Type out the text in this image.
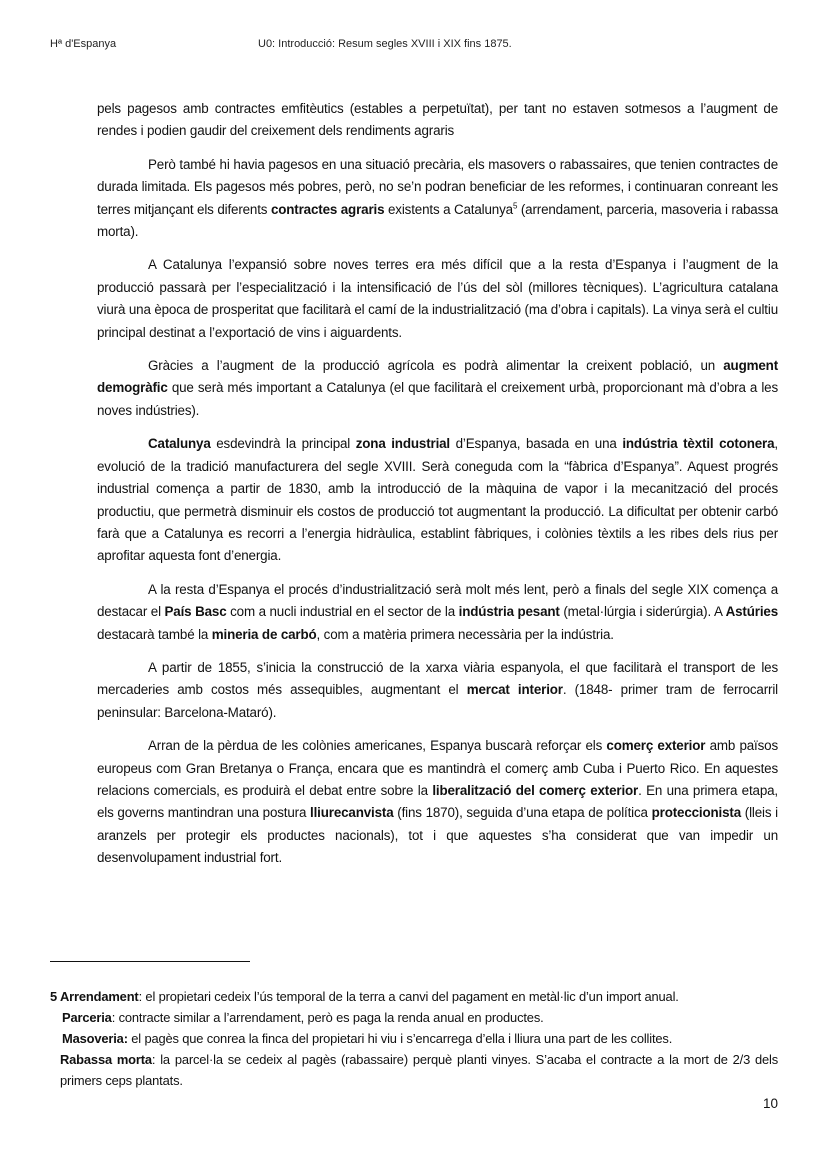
Hª d'Espanya	U0: Introducció: Resum segles XVIII i XIX fins 1875.

pels pagesos amb contractes emfitèutics (estables a perpetuïtat), per tant no estaven sotmesos a l’augment de rendes i podien gaudir del creixement dels rendiments agraris

Però també hi havia pagesos en una situació precària, els masovers o rabassaires, que tenien contractes de durada limitada. Els pagesos més pobres, però, no se’n podran beneficiar de les reformes, i continuaran conreant les terres mitjançant els diferents contractes agraris existents a Catalunya$^5$ (arrendament, parceria, masoveria i rabassa morta).

A Catalunya l’expansió sobre noves terres era més difícil que a la resta d’Espanya i l’augment de la producció passarà per l’especialització i la intensificació de l’ús del sòl (millores tècniques). L’agricultura catalana viurà una època de prosperitat que facilitarà el camí de la industrialització (ma d’obra i capitals). La vinya serà el cultiu principal destinat a l’exportació de vins i aiguardents.

Gràcies a l’augment de la producció agrícola es podrà alimentar la creixent població, un augment demogràfic que serà més important a Catalunya (el que facilitarà el creixement urbà, proporcionant mà d’obra a les noves indústries).

Catalunya esdevindrà la principal zona industrial d’Espanya, basada en una indústria tèxtil cotonera, evolució de la tradició manufacturera del segle XVIII. Serà coneguda com la “fàbrica d’Espanya”. Aquest progrés industrial comença a partir de 1830, amb la introducció de la màquina de vapor i la mecanització del procés productiu, que permetrà disminuir els costos de producció tot augmentant la producció. La dificultat per obtenir carbó farà que a Catalunya es recorri a l’energia hidràulica, establint fàbriques, i colònies tèxtils a les ribes dels rius per aprofitar aquesta font d’energia.

A la resta d’Espanya el procés d’industrialització serà molt més lent, però a finals del segle XIX comença a destacar el País Basc com a nucli industrial en el sector de la indústria pesant (metal·lúrgia i siderúrgia). A Astúries destacarà també la mineria de carbó, com a matèria primera necessària per la indústria.

A partir de 1855, s’inicia la construcció de la xarxa viària espanyola, el que facilitarà el transport de les mercaderies amb costos més assequibles, augmentant el mercat interior. (1848- primer tram de ferrocarril peninsular: Barcelona-Mataró).

Arran de la pèrdua de les colònies americanes, Espanya buscarà reforçar els comerç exterior amb països europeus com Gran Bretanya o França, encara que es mantindrà el comerç amb Cuba i Puerto Rico. En aquestes relacions comercials, es produirà el debat entre sobre la liberalització del comerç exterior. En una primera etapa, els governs mantindran una postura lliurecanvista (fins 1870), seguida d’una etapa de política proteccionista (lleis i aranzels per protegir els productes nacionals), tot i que aquestes s’ha considerat que van impedir un desenvolupament industrial fort.

5 Arrendament: el propietari cedeix l’ús temporal de la terra a canvi del pagament en metàl·lic d’un import anual.

Parceria: contracte similar a l’arrendament, però es paga la renda anual en productes.

Masoveria: el pagès que conrea la finca del propietari hi viu i s’encarrega d’ella i lliura una part de les collites.

Rabassa morta: la parcel·la se cedeix al pagès (rabassaire) perquè planti vinyes. S’acaba el contracte a la mort de 2/3 dels primers ceps plantats.

10
